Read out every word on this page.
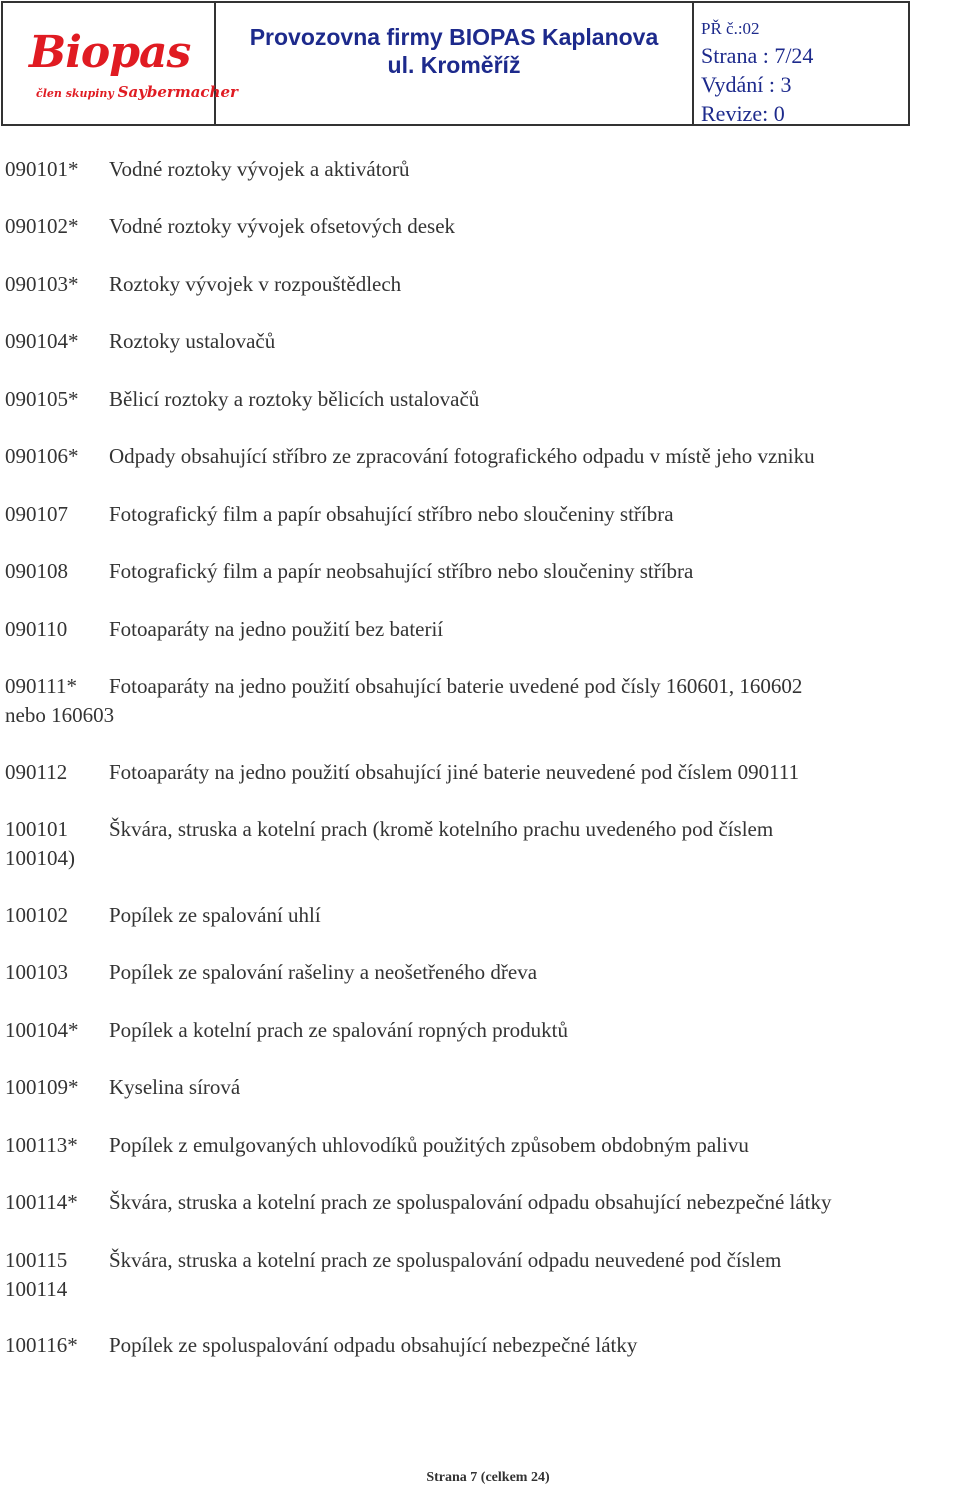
Biopas
člen skupiny Saybermacher
Provozovna firmy BIOPAS Kaplanova
ul. Kroměříž
PŘ č.:02
Strana : 7/24
Vydání : 3
Revize: 0
090101* Vodné roztoky vývojek a aktivátorů
090102* Vodné roztoky vývojek ofsetových desek
090103* Roztoky vývojek v rozpouštědlech
090104* Roztoky ustalovačů
090105* Bělicí roztoky a roztoky bělicích ustalovačů
090106* Odpady obsahující stříbro ze zpracování fotografického odpadu v místě jeho vzniku
090107 Fotografický film a papír obsahující stříbro nebo sloučeniny stříbra
090108 Fotografický film a papír neobsahující stříbro nebo sloučeniny stříbra
090110 Fotoaparáty na jedno použití bez baterií
090111* Fotoaparáty na jedno použití obsahující baterie uvedené pod čísly 160601, 160602
nebo 160603
090112 Fotoaparáty na jedno použití obsahující jiné baterie neuvedené pod číslem 090111
100101 Škvára, struska a kotelní prach (kromě kotelního prachu uvedeného pod číslem
100104)
100102 Popílek ze spalování uhlí
100103 Popílek ze spalování rašeliny a neošetřeného dřeva
100104* Popílek a kotelní prach ze spalování ropných produktů
100109* Kyselina sírová
100113* Popílek z emulgovaných uhlovodíků použitých způsobem obdobným palivu
100114* Škvára, struska a kotelní prach ze spoluspalování odpadu obsahující nebezpečné látky
100115 Škvára, struska a kotelní prach ze spoluspalování odpadu neuvedené pod číslem
100114
100116* Popílek ze spoluspalování odpadu obsahující nebezpečné látky
Strana 7 (celkem 24)
